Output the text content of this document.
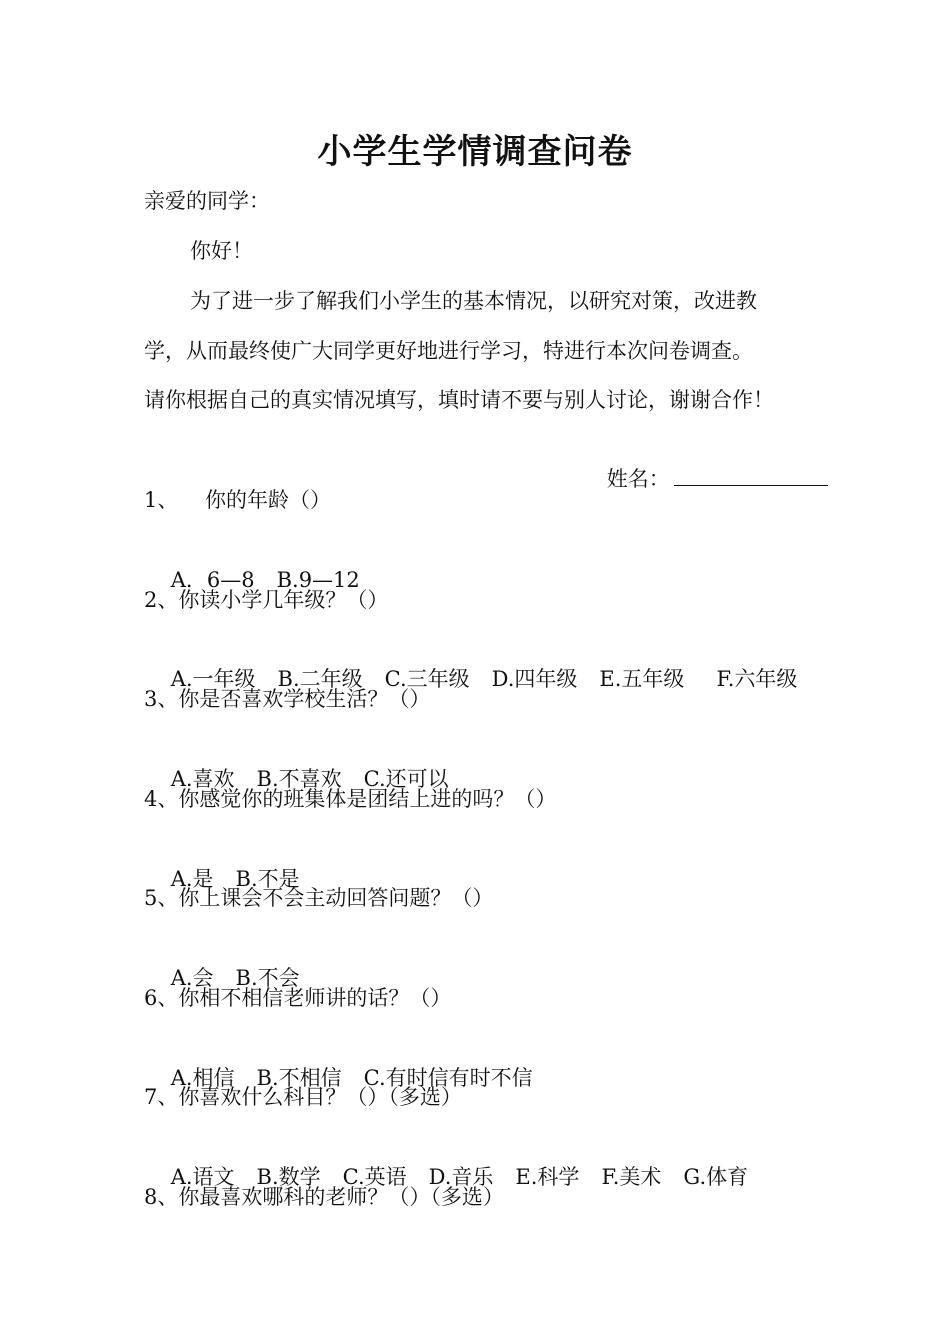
小学生学情调查问卷
亲爱的同学：
你好！
为了进一步了解我们小学生的基本情况，以研究对策，改进教
学，从而最终使广大同学更好地进行学习，特进行本次问卷调查。
请你根据自己的真实情况填写，填时请不要与别人讨论，谢谢合作！

姓名：

1、    你的年龄（）

A．6—8 B.9—12

2、你读小学几年级？（）

A.一年级 B.二年级 C.三年级 D.四年级 E.五年级 F.六年级

3、你是否喜欢学校生活？（）

A.喜欢 B.不喜欢 C.还可以

4、你感觉你的班集体是团结上进的吗？（）

A.是 B.不是

5、你上课会不会主动回答问题？（）

A.会 B.不会

6、你相不相信老师讲的话？（）

A.相信 B.不相信 C.有时信有时不信

7、你喜欢什么科目？（）（多选）

A.语文 B.数学 C.英语 D.音乐 E.科学 F.美术 G.体育

8、你最喜欢哪科的老师？（）（多选）
